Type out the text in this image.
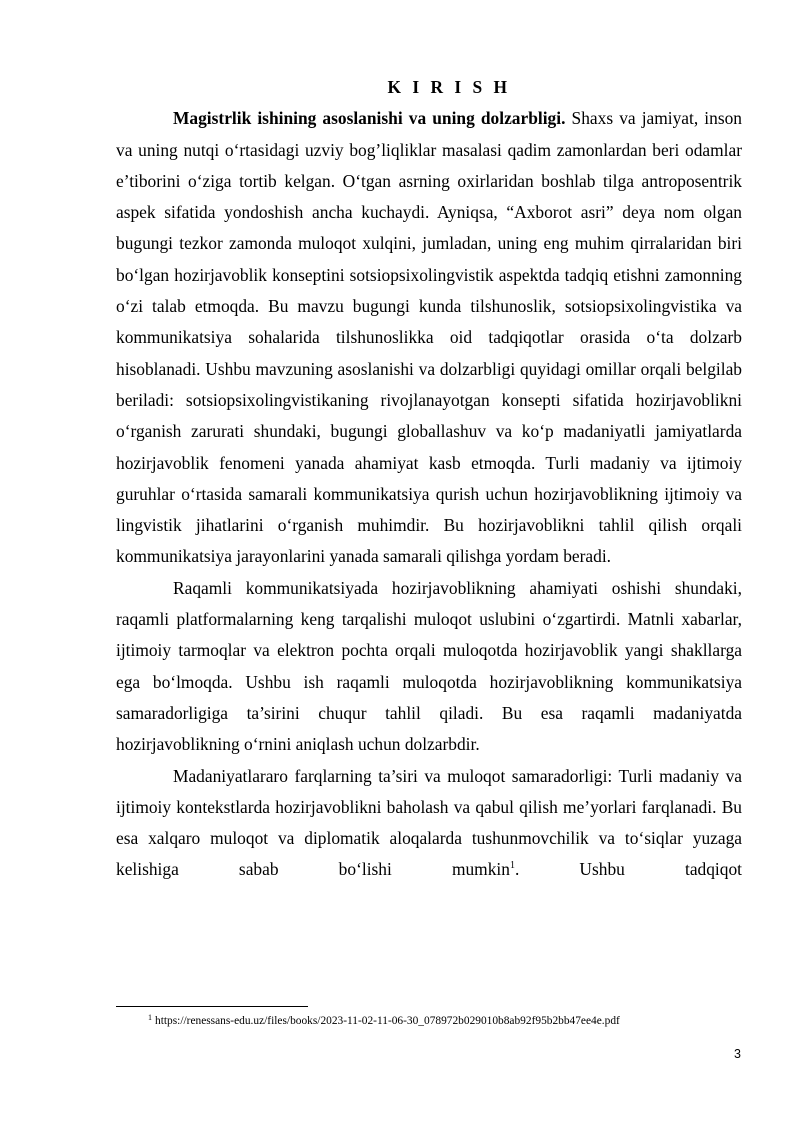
K I R I S H

Magistrlik ishining asoslanishi va uning dolzarbligi. Shaxs va jamiyat, inson va uning nutqi o‘rtasidagi uzviy bog’liqliklar masalasi qadim zamonlardan beri odamlar e’tiborini o‘ziga tortib kelgan. O‘tgan asrning oxirlaridan boshlab tilga antroposentrik aspek sifatida yondoshish ancha kuchaydi. Ayniqsa, “Axborot asri” deya nom olgan bugungi tezkor zamonda muloqot xulqini, jumladan, uning eng muhim qirralaridan biri bo‘lgan hozirjavoblik konseptini sotsiopsixolingvistik aspektda tadqiq etishni zamonning o‘zi talab etmoqda. Bu mavzu bugungi kunda tilshunoslik, sotsiopsixolingvistika va kommunikatsiya sohalarida tilshunoslikka oid tadqiqotlar orasida o‘ta dolzarb hisoblanadi. Ushbu mavzuning asoslanishi va dolzarbligi quyidagi omillar orqali belgilab beriladi: sotsiopsixolingvistikaning rivojlanayotgan konsepti sifatida hozirjavoblikni o‘rganish zarurati shundaki, bugungi globallashuv va ko‘p madaniyatli jamiyatlarda hozirjavoblik fenomeni yanada ahamiyat kasb etmoqda. Turli madaniy va ijtimoiy guruhlar o‘rtasida samarali kommunikatsiya qurish uchun hozirjavoblikning ijtimoiy va lingvistik jihatlarini o‘rganish muhimdir. Bu hozirjavoblikni tahlil qilish orqali kommunikatsiya jarayonlarini yanada samarali qilishga yordam beradi.

Raqamli kommunikatsiyada hozirjavoblikning ahamiyati oshishi shundaki, raqamli platformalarning keng tarqalishi muloqot uslubini o‘zgartirdi. Matnli xabarlar, ijtimoiy tarmoqlar va elektron pochta orqali muloqotda hozirjavoblik yangi shakllarga ega bo‘lmoqda. Ushbu ish raqamli muloqotda hozirjavoblikning kommunikatsiya samaradorligiga ta’sirini chuqur tahlil qiladi. Bu esa raqamli madaniyatda hozirjavoblikning o‘rnini aniqlash uchun dolzarbdir.

Madaniyatlararo farqlarning ta’siri va muloqot samaradorligi: Turli madaniy va ijtimoiy kontekstlarda hozirjavoblikni baholash va qabul qilish me’yorlari farqlanadi. Bu esa xalqaro muloqot va diplomatik aloqalarda tushunmovchilik va to‘siqlar yuzaga kelishiga sabab bo‘lishi mumkin$^1$. Ushbu tadqiqot

$^1$ https://renessans-edu.uz/files/books/2023-11-02-11-06-30_078972b029010b8ab92f95b2bb47ee4e.pdf
3
